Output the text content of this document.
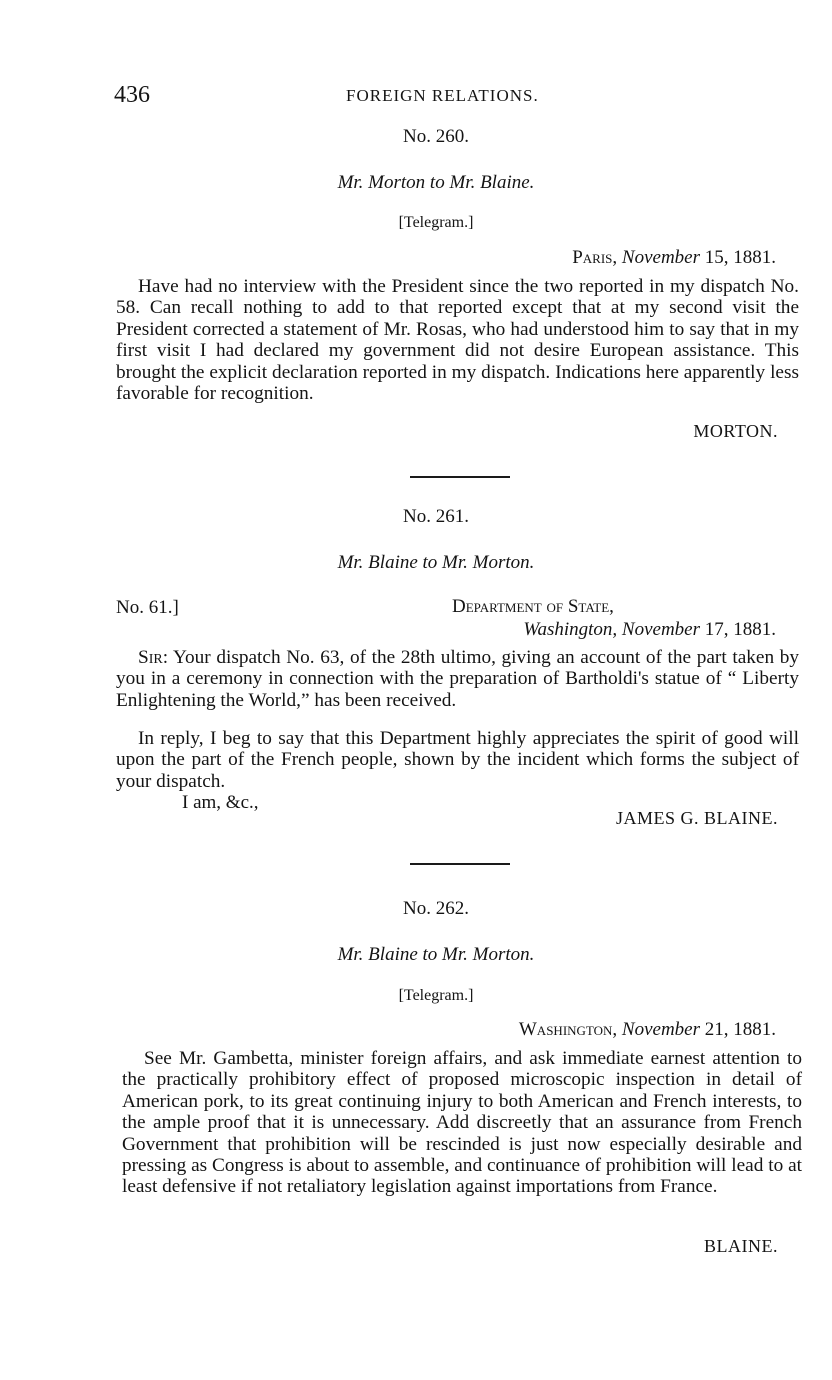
436	FOREIGN RELATIONS.
No. 260.
Mr. Morton to Mr. Blaine.
[Telegram.]
Paris, November 15, 1881.
Have had no interview with the President since the two reported in my dispatch No. 58. Can recall nothing to add to that reported except that at my second visit the President corrected a statement of Mr. Rosas, who had understood him to say that in my first visit I had declared my government did not desire European assistance. This brought the explicit declaration reported in my dispatch. Indications here apparently less favorable for recognition.
MORTON.
No. 261.
Mr. Blaine to Mr. Morton.
No. 61.]	Department of State,
Washington, November 17, 1881.
Sir: Your dispatch No. 63, of the 28th ultimo, giving an account of the part taken by you in a ceremony in connection with the preparation of Bartholdi's statue of “ Liberty Enlightening the World,” has been received.
In reply, I beg to say that this Department highly appreciates the spirit of good will upon the part of the French people, shown by the incident which forms the subject of your dispatch.
I am, &c.,
JAMES G. BLAINE.
No. 262.
Mr. Blaine to Mr. Morton.
[Telegram.]
Washington, November 21, 1881.
See Mr. Gambetta, minister foreign affairs, and ask immediate earnest attention to the practically prohibitory effect of proposed microscopic inspection in detail of American pork, to its great continuing injury to both American and French interests, to the ample proof that it is unnecessary. Add discreetly that an assurance from French Government that prohibition will be rescinded is just now especially desirable and pressing as Congress is about to assemble, and continuance of prohibition will lead to at least defensive if not retaliatory legislation against importations from France.
BLAINE.
